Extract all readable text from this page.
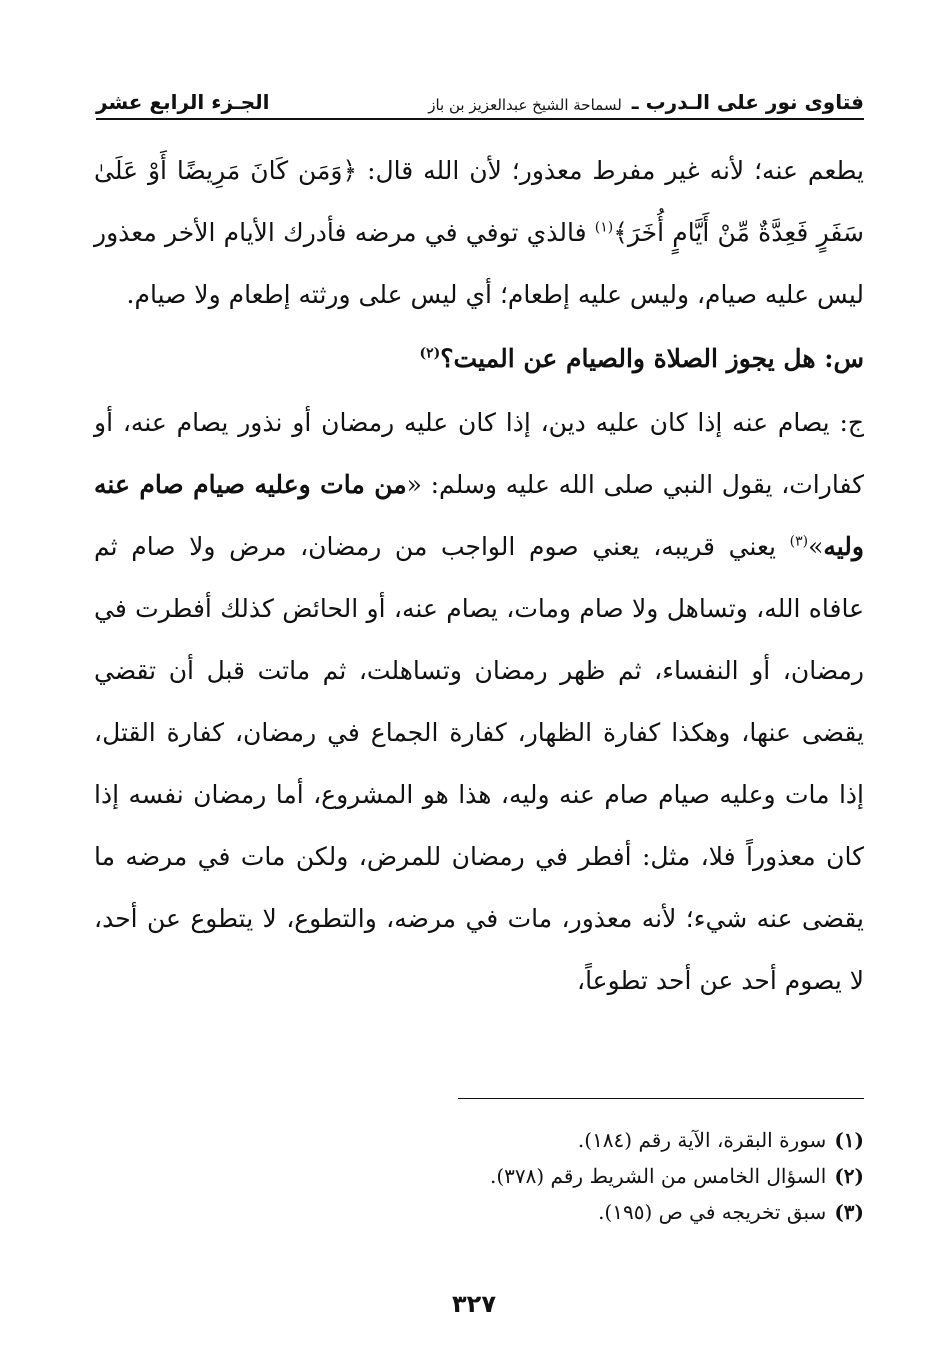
فتاوى نور على الـدرب ـ
لسماحة الشيخ عبدالعزيز بن باز
الجـزء الرابع عشر

يطعم عنه؛ لأنه غير مفرط معذور؛ لأن الله قال: ﴿وَمَن كَانَ مَرِيضًا أَوْ عَلَىٰ سَفَرٍ فَعِدَّةٌ مِّنْ أَيَّامٍ أُخَرَ﴾$^{(١)}$ فالذي توفي في مرضه فأدرك الأيام الأخر معذور ليس عليه صيام، وليس عليه إطعام؛ أي ليس على ورثته إطعام ولا صيام.

س: هل يجوز الصلاة والصيام عن الميت؟$^{(٢)}$

ج: يصام عنه إذا كان عليه دين، إذا كان عليه رمضان أو نذور يصام عنه، أو كفارات، يقول النبي صلى الله عليه وسلم: «من مات وعليه صيام صام عنه وليه»$^{(٣)}$ يعني قريبه، يعني صوم الواجب من رمضان، مرض ولا صام ثم عافاه الله، وتساهل ولا صام ومات، يصام عنه، أو الحائض كذلك أفطرت في رمضان، أو النفساء، ثم ظهر رمضان وتساهلت، ثم ماتت قبل أن تقضي يقضى عنها، وهكذا كفارة الظهار، كفارة الجماع في رمضان، كفارة القتل، إذا مات وعليه صيام صام عنه وليه، هذا هو المشروع، أما رمضان نفسه إذا كان معذوراً فلا، مثل: أفطر في رمضان للمرض، ولكن مات في مرضه ما يقضى عنه شيء؛ لأنه معذور، مات في مرضه، والتطوع، لا يتطوع عن أحد، لا يصوم أحد عن أحد تطوعاً،

(١)
سورة البقرة، الآية رقم (١٨٤).
(٢)
السؤال الخامس من الشريط رقم (٣٧٨).
(٣)
سبق تخريجه في ص (١٩٥).
٣٢٧
